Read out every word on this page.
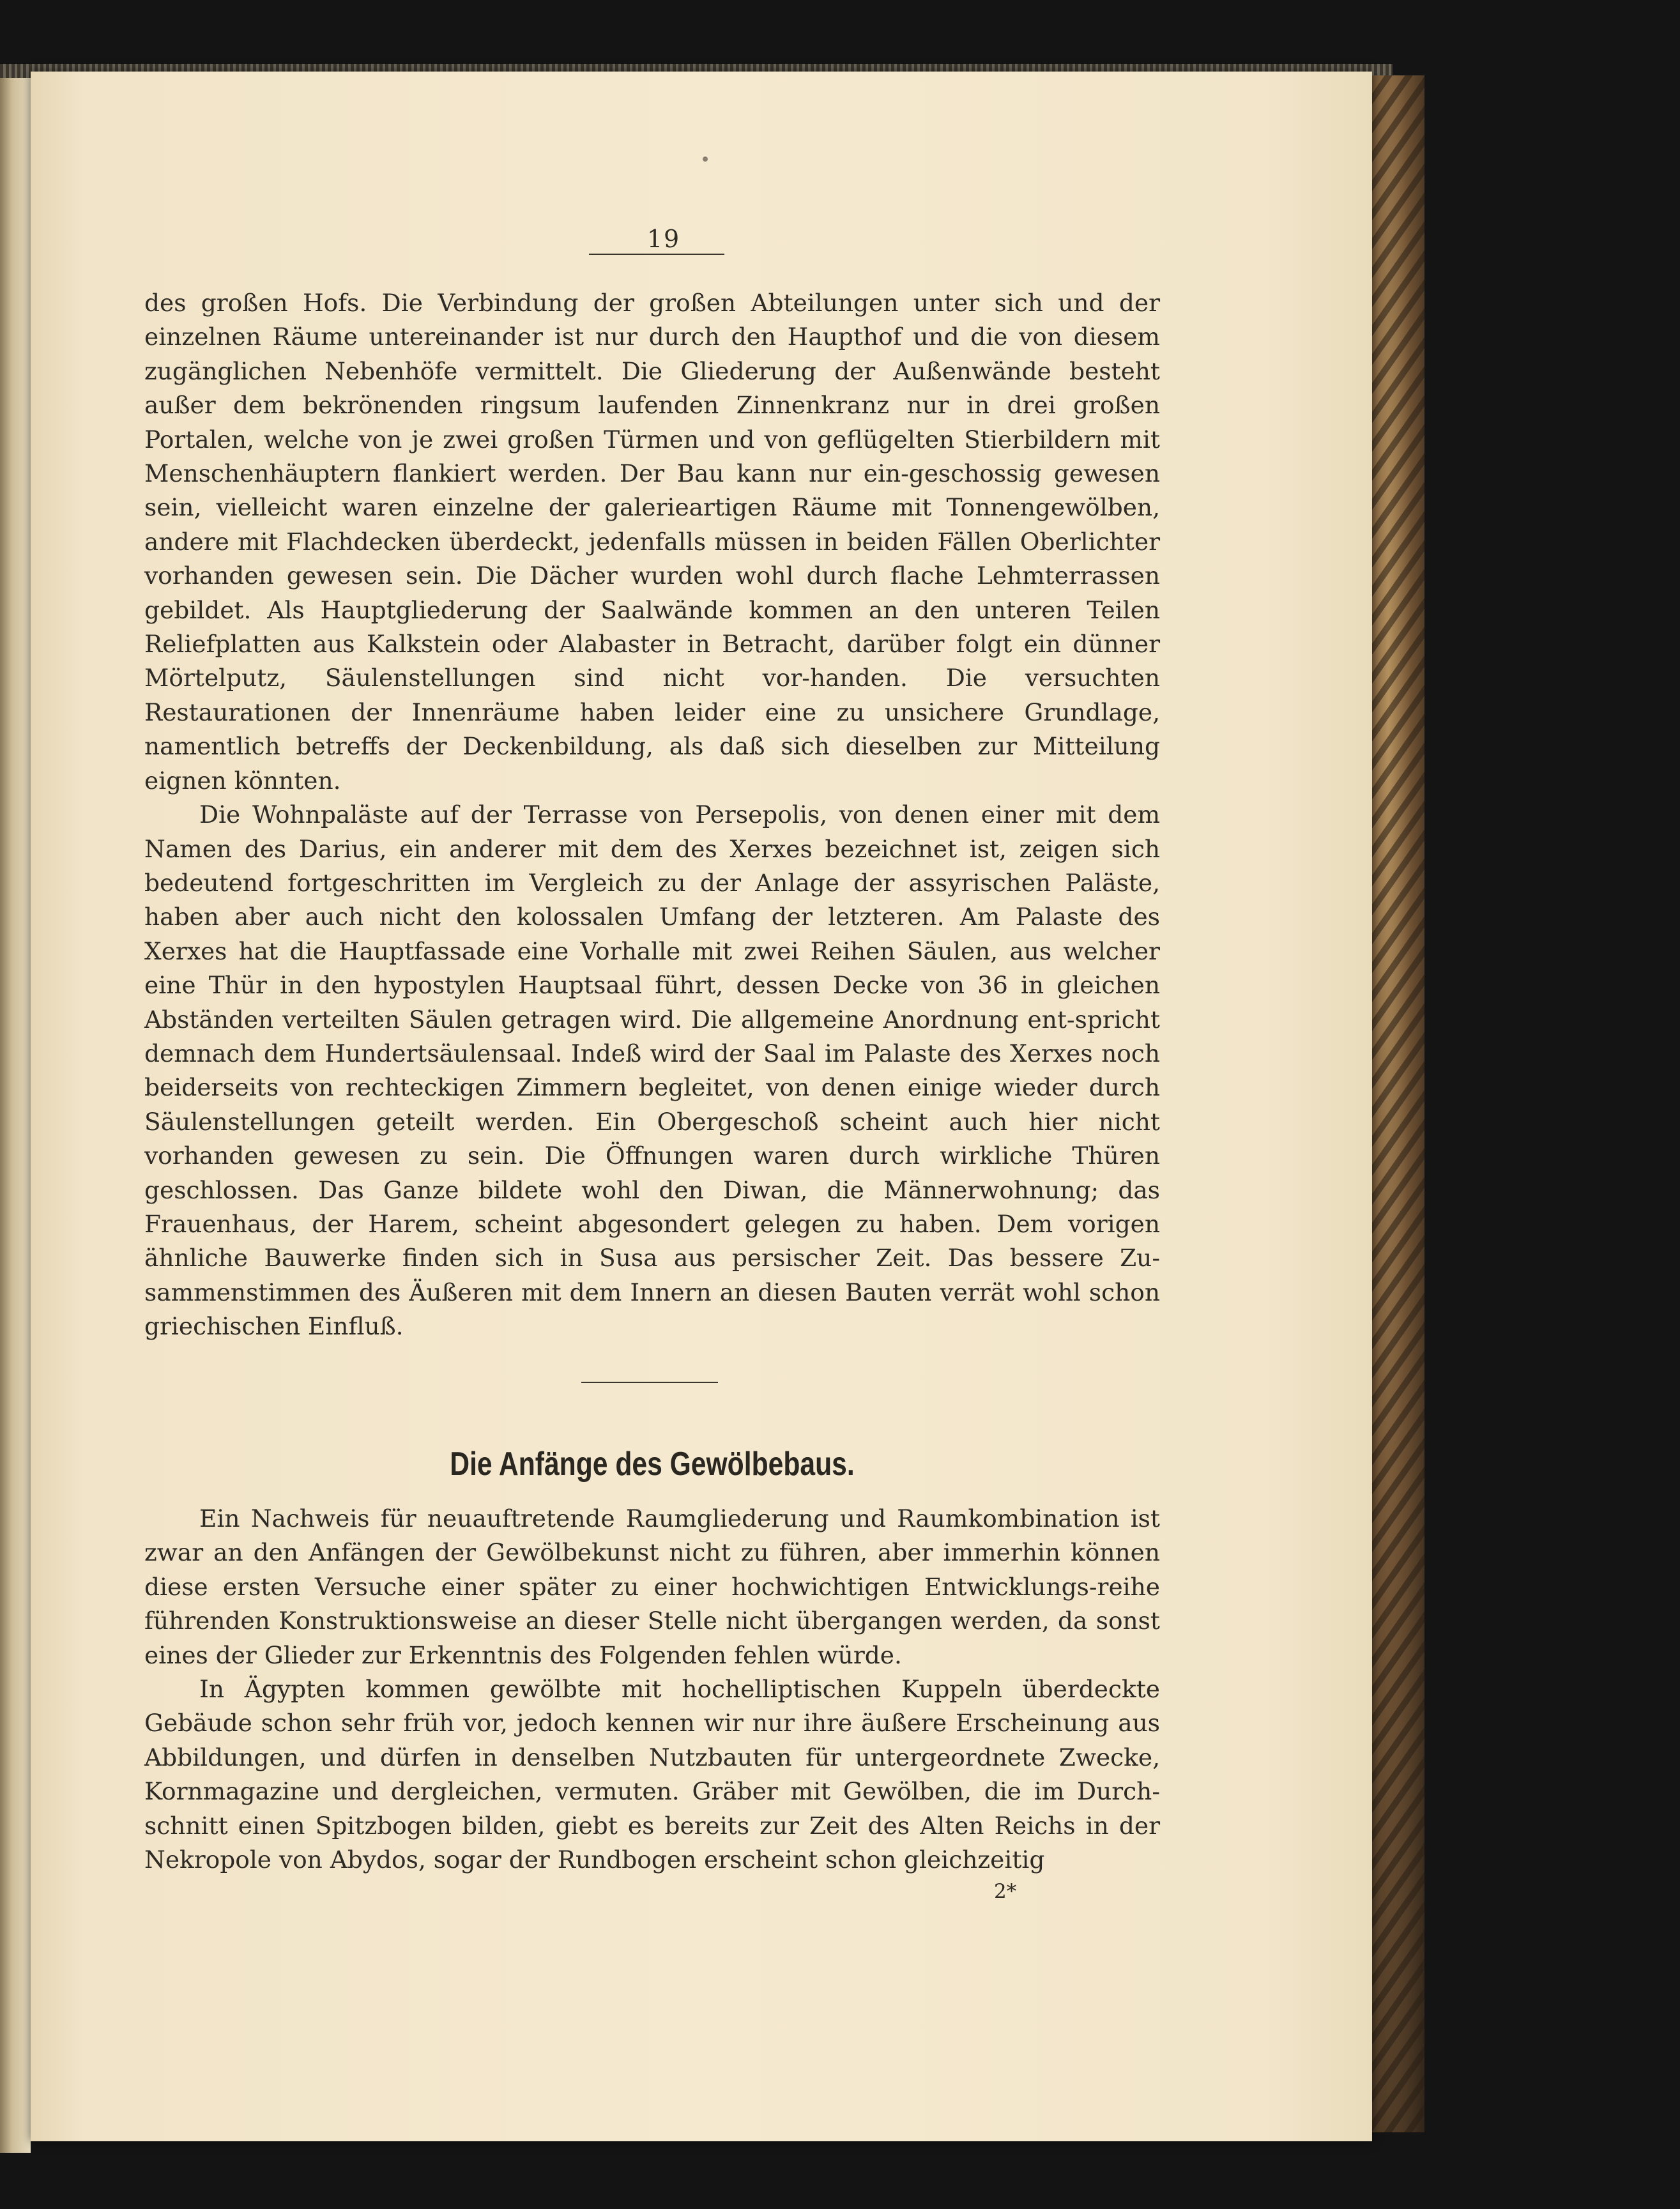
19

des großen Hofs. Die Verbindung der großen Abteilungen unter sich und der einzelnen Räume untereinander ist nur durch den Haupthof und die von diesem zugänglichen Nebenhöfe vermittelt. Die Gliederung der Außenwände besteht außer dem bekrönenden ringsum laufenden Zinnenkranz nur in drei großen Portalen, welche von je zwei großen Türmen und von geflügelten Stierbildern mit Menschenhäuptern flankiert werden. Der Bau kann nur ein-geschossig gewesen sein, vielleicht waren einzelne der galerieartigen Räume mit Tonnengewölben, andere mit Flachdecken überdeckt, jedenfalls müssen in beiden Fällen Oberlichter vorhanden gewesen sein. Die Dächer wurden wohl durch flache Lehmterrassen gebildet. Als Hauptgliederung der Saalwände kommen an den unteren Teilen Reliefplatten aus Kalkstein oder Alabaster in Betracht, darüber folgt ein dünner Mörtelputz, Säulenstellungen sind nicht vor-handen. Die versuchten Restaurationen der Innenräume haben leider eine zu unsichere Grundlage, namentlich betreffs der Deckenbildung, als daß sich dieselben zur Mitteilung eignen könnten.

Die Wohnpaläste auf der Terrasse von Persepolis, von denen einer mit dem Namen des Darius, ein anderer mit dem des Xerxes bezeichnet ist, zeigen sich bedeutend fortgeschritten im Vergleich zu der Anlage der assyrischen Paläste, haben aber auch nicht den kolossalen Umfang der letzteren. Am Palaste des Xerxes hat die Hauptfassade eine Vorhalle mit zwei Reihen Säulen, aus welcher eine Thür in den hypostylen Hauptsaal führt, dessen Decke von 36 in gleichen Abständen verteilten Säulen getragen wird. Die allgemeine Anordnung ent-spricht demnach dem Hundertsäulensaal. Indeß wird der Saal im Palaste des Xerxes noch beiderseits von rechteckigen Zimmern begleitet, von denen einige wieder durch Säulenstellungen geteilt werden. Ein Obergeschoß scheint auch hier nicht vorhanden gewesen zu sein. Die Öffnungen waren durch wirkliche Thüren geschlossen. Das Ganze bildete wohl den Diwan, die Männerwohnung; das Frauenhaus, der Harem, scheint abgesondert gelegen zu haben. Dem vorigen ähnliche Bauwerke finden sich in Susa aus persischer Zeit. Das bessere Zu-sammenstimmen des Äußeren mit dem Innern an diesen Bauten verrät wohl schon griechischen Einfluß.

Die Anfänge des Gewölbebaus.

Ein Nachweis für neuauftretende Raumgliederung und Raumkombination ist zwar an den Anfängen der Gewölbekunst nicht zu führen, aber immerhin können diese ersten Versuche einer später zu einer hochwichtigen Entwicklungs-reihe führenden Konstruktionsweise an dieser Stelle nicht übergangen werden, da sonst eines der Glieder zur Erkenntnis des Folgenden fehlen würde.

In Ägypten kommen gewölbte mit hochelliptischen Kuppeln überdeckte Gebäude schon sehr früh vor, jedoch kennen wir nur ihre äußere Erscheinung aus Abbildungen, und dürfen in denselben Nutzbauten für untergeordnete Zwecke, Kornmagazine und dergleichen, vermuten. Gräber mit Gewölben, die im Durch-schnitt einen Spitzbogen bilden, giebt es bereits zur Zeit des Alten Reichs in der Nekropole von Abydos, sogar der Rundbogen erscheint schon gleichzeitig

2*
